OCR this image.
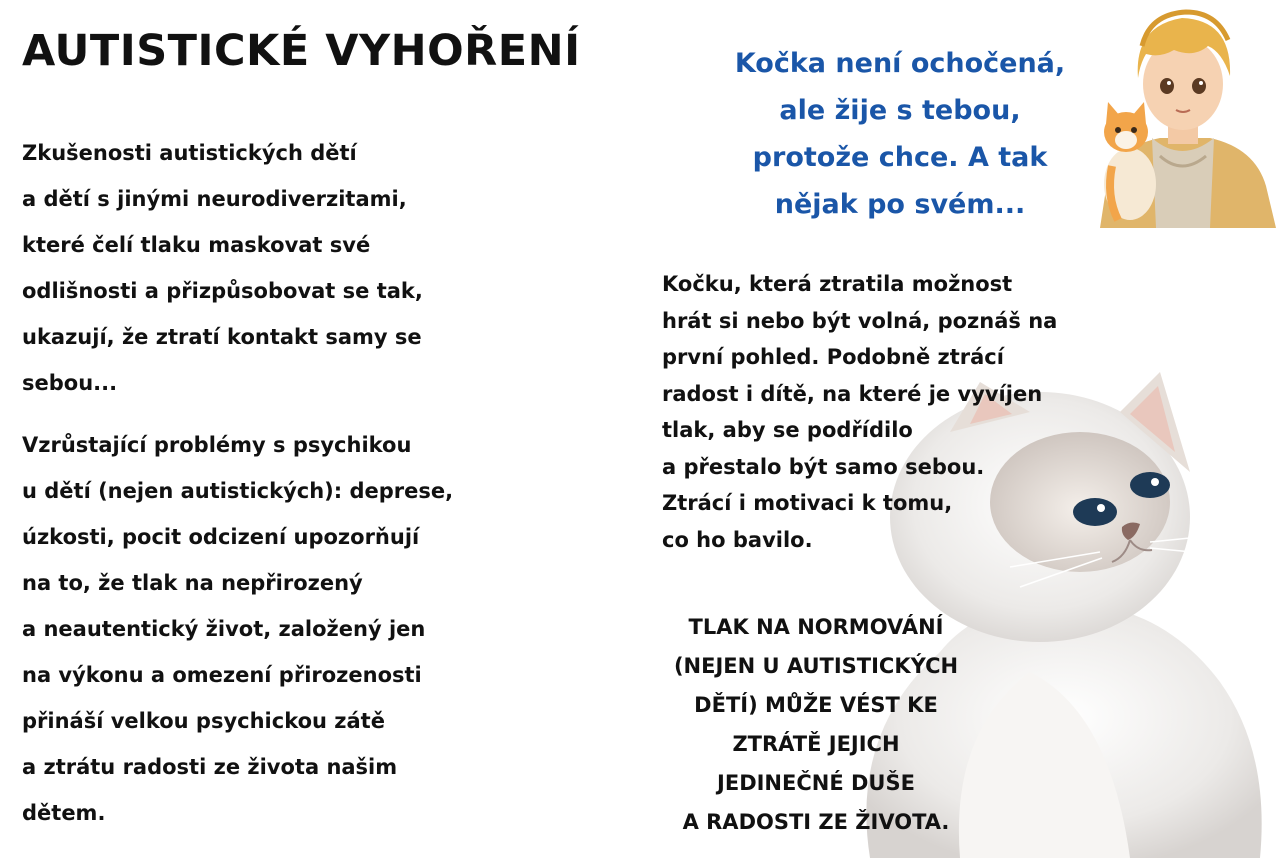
AUTISTICKÉ VYHOŘENÍ
Zkušenosti autistických dětí
a dětí s jinými neurodiverzitami,
které čelí tlaku maskovat své
odlišnosti a přizpůsobovat se tak,
ukazují, že ztratí kontakt samy se
sebou...
Vzrůstající problémy s psychikou
u dětí (nejen autistických): deprese,
úzkosti, pocit odcizení upozorňují
na to, že tlak na nepřirozený
a neautentický život, založený jen
na výkonu a omezení přirozenosti
přináší velkou psychickou zátě
a ztrátu radosti ze života našim
dětem.
Kočka není ochočená,
ale žije s tebou,
protože chce. A tak
nějak po svém...
Kočku, která ztratila možnost
hrát si nebo být volná, poznáš na
první pohled. Podobně ztrácí
radost i dítě, na které je vyvíjen
tlak, aby se podřídilo
a přestalo být samo sebou.
Ztrácí i motivaci k tomu,
co ho bavilo.
TLAK NA NORMOVÁNÍ
(NEJEN U AUTISTICKÝCH
DĚTÍ) MŮŽE VÉST KE
ZTRÁTĚ JEJICH
JEDINEČNÉ DUŠE
A RADOSTI ZE ŽIVOTA.
